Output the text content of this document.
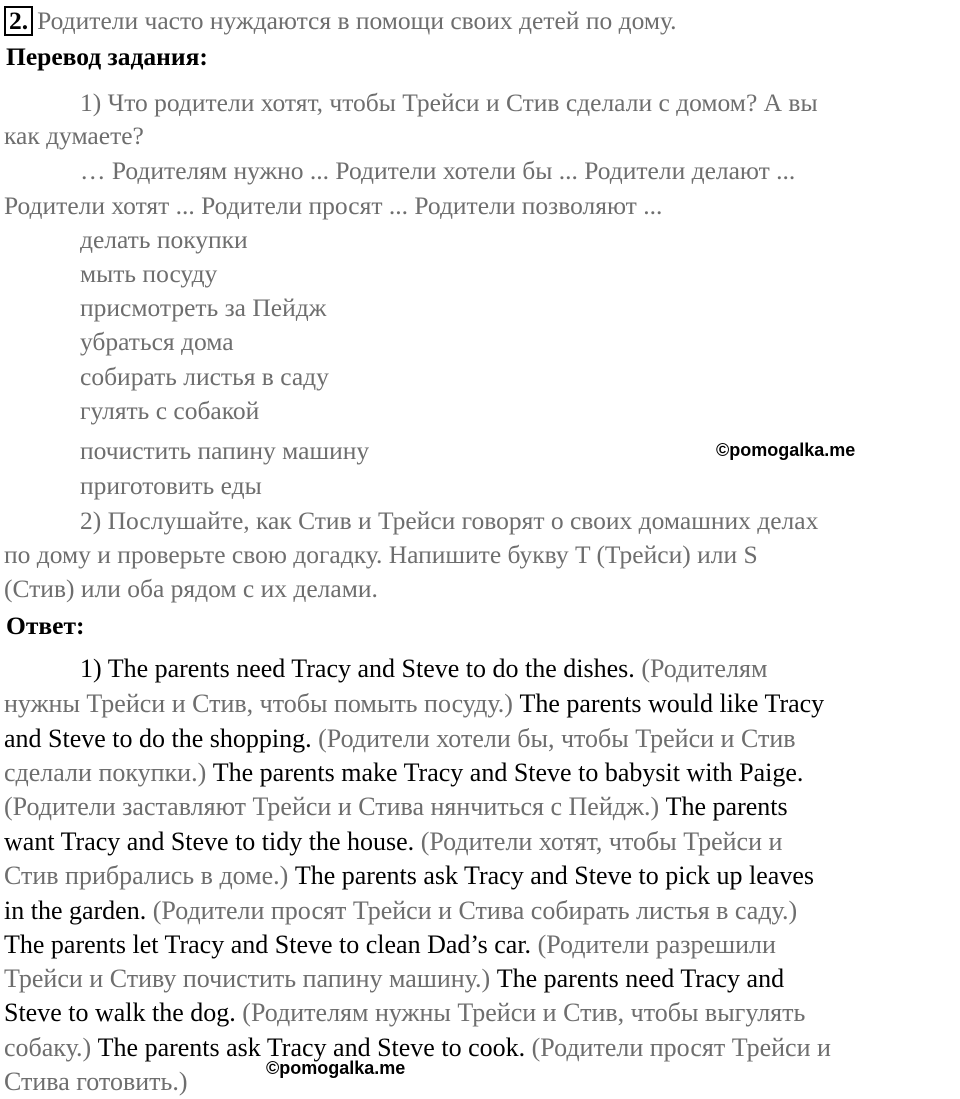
2. Родители часто нуждаются в помощи своих детей по дому.
Перевод задания:
1) Что родители хотят, чтобы Трейси и Стив сделали с домом? А вы
как думаете?
… Родителям нужно ... Родители хотели бы ... Родители делают ...
Родители хотят ... Родители просят ... Родители позволяют ...
делать покупки
мыть посуду
присмотреть за Пейдж
убраться дома
собирать листья в саду
гулять с собакой
почистить папину машину
приготовить еды
©pomogalka.me
2) Послушайте, как Стив и Трейси говорят о своих домашних делах
по дому и проверьте свою догадку. Напишите букву T (Трейси) или S
(Стив) или оба рядом с их делами.
Ответ:
1) The parents need Tracy and Steve to do the dishes. (Родителям
нужны Трейси и Стив, чтобы помыть посуду.) The parents would like Tracy
and Steve to do the shopping. (Родители хотели бы, чтобы Трейси и Стив
сделали покупки.) The parents make Tracy and Steve to babysit with Paige.
(Родители заставляют Трейси и Стива нянчиться с Пейдж.) The parents
want Tracy and Steve to tidy the house. (Родители хотят, чтобы Трейси и
Стив прибрались в доме.) The parents ask Tracy and Steve to pick up leaves
in the garden. (Родители просят Трейси и Стива собирать листья в саду.)
The parents let Tracy and Steve to clean Dad’s car. (Родители разрешили
Трейси и Стиву почистить папину машину.) The parents need Tracy and
Steve to walk the dog. (Родителям нужны Трейси и Стив, чтобы выгулять
собаку.) The parents ask Tracy and Steve to cook. (Родители просят Трейси и
Стива готовить.)	©pomogalka.me
